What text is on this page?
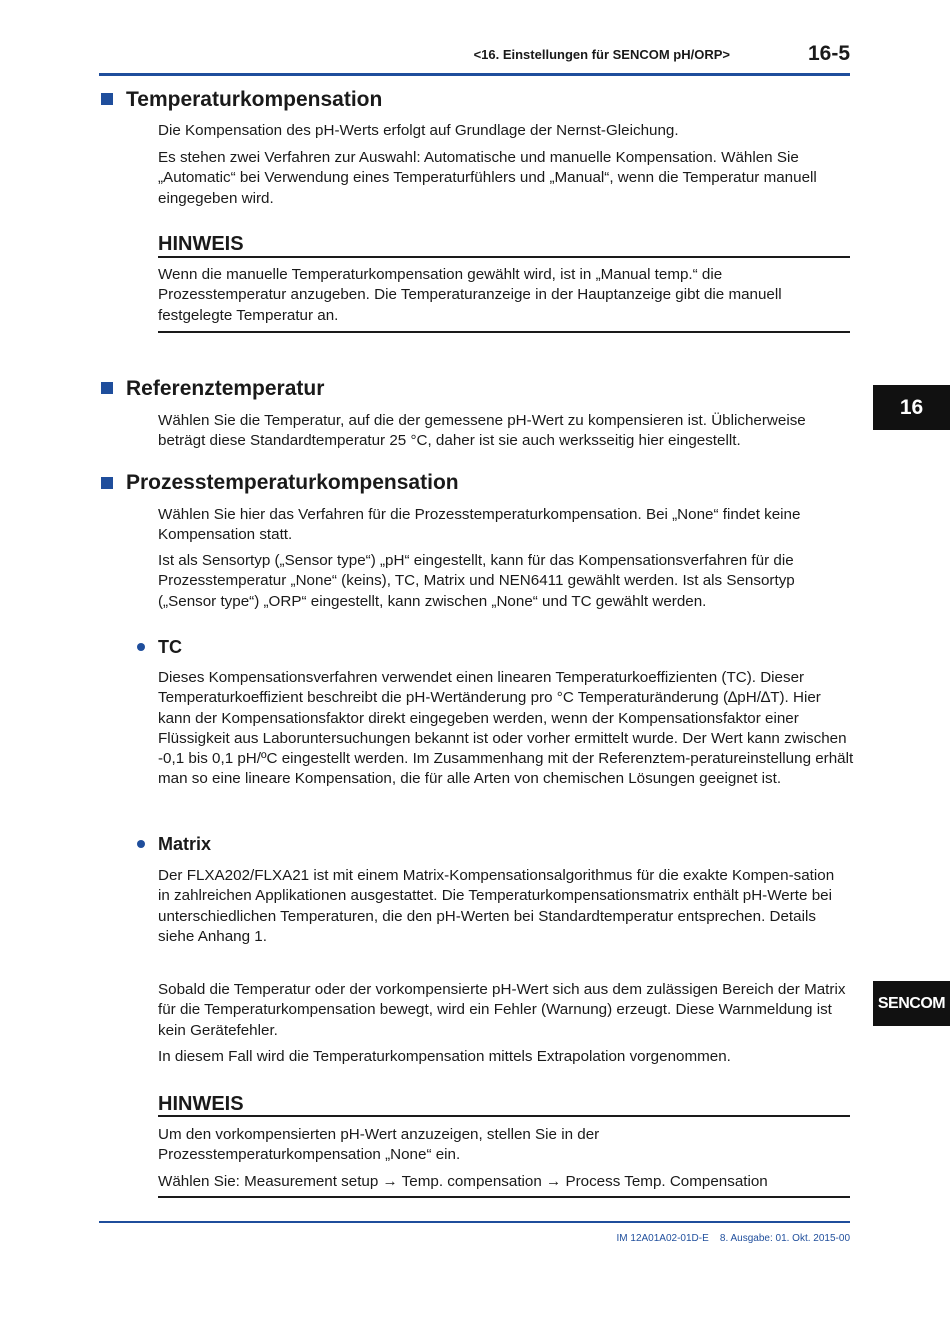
<16. Einstellungen für SENCOM pH/ORP>	16-5
16
SENCOM
Temperaturkompensation
Die Kompensation des pH-Werts erfolgt auf Grundlage der Nernst-Gleichung.
Es stehen zwei Verfahren zur Auswahl: Automatische und manuelle Kompensation. Wählen Sie „Automatic“ bei Verwendung eines Temperaturfühlers und „Manual“, wenn die Temperatur manuell eingegeben wird.
HINWEIS
Wenn die manuelle Temperaturkompensation gewählt wird, ist in „Manual temp.“ die Prozesstemperatur anzugeben. Die Temperaturanzeige in der Hauptanzeige gibt die manuell festgelegte Temperatur an.
Referenztemperatur
Wählen Sie die Temperatur, auf die der gemessene pH-Wert zu kompensieren ist. Üblicherweise beträgt diese Standardtemperatur 25 °C, daher ist sie auch werksseitig hier eingestellt.
Prozesstemperaturkompensation
Wählen Sie hier das Verfahren für die Prozesstemperaturkompensation. Bei „None“ findet keine Kompensation statt.
Ist als Sensortyp („Sensor type“) „pH“ eingestellt, kann für das Kompensationsverfahren für die Prozesstemperatur „None“ (keins), TC, Matrix und NEN6411 gewählt werden. Ist als Sensortyp („Sensor type“) „ORP“ eingestellt, kann zwischen „None“ und TC gewählt werden.
TC
Dieses Kompensationsverfahren verwendet einen linearen Temperaturkoeffizienten (TC). Dieser Temperaturkoeffizient beschreibt die pH-Wertänderung pro °C Temperaturänderung (∆pH/∆T). Hier kann der Kompensationsfaktor direkt eingegeben werden, wenn der Kompensationsfaktor einer Flüssigkeit aus Laboruntersuchungen bekannt ist oder vorher ermittelt wurde. Der Wert kann zwischen -0,1 bis 0,1 pH/ºC eingestellt werden. Im Zusammenhang mit der Referenztem-peratureinstellung erhält man so eine lineare Kompensation, die für alle Arten von chemischen Lösungen geeignet ist.
Matrix
Der FLXA202/FLXA21 ist mit einem Matrix-Kompensationsalgorithmus für die exakte Kompen-sation in zahlreichen Applikationen ausgestattet. Die Temperaturkompensationsmatrix enthält pH-Werte bei unterschiedlichen Temperaturen, die den pH-Werten bei Standardtemperatur entsprechen. Details siehe Anhang 1.
Sobald die Temperatur oder der vorkompensierte pH-Wert sich aus dem zulässigen Bereich der Matrix für die Temperaturkompensation bewegt, wird ein Fehler (Warnung) erzeugt. Diese Warnmeldung ist kein Gerätefehler.
In diesem Fall wird die Temperaturkompensation mittels Extrapolation vorgenommen.
HINWEIS
Um den vorkompensierten pH-Wert anzuzeigen, stellen Sie in der Prozesstemperaturkompensation „None“ ein.
Wählen Sie: Measurement setup → Temp. compensation → Process Temp. Compensation
IM 12A01A02-01D-E 8. Ausgabe: 01. Okt. 2015-00
